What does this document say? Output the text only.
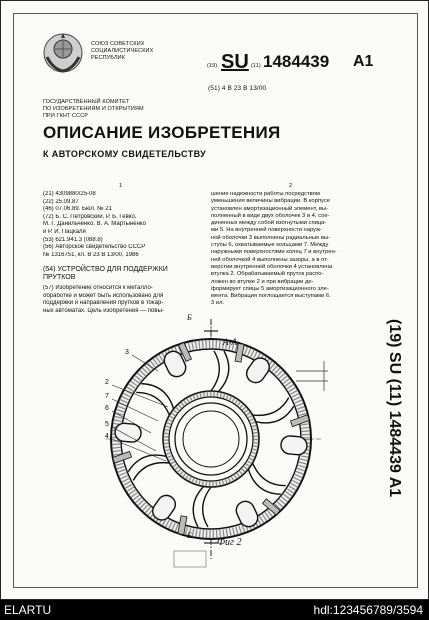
СОЮЗ СОВЕТСКИХ
СОЦИАЛИСТИЧЕСКИХ
РЕСПУБЛИК
(19) SU (11) 1484439 A1
(51) 4 В 23 В 13/00
ГОСУДАРСТВЕННЫЙ КОМИТЕТ
ПО ИЗОБРЕТЕНИЯМ И ОТКРЫТИЯМ
ПРИ ГКНТ СССР
ОПИСАНИЕ ИЗОБРЕТЕНИЯ
К АВТОРСКОМУ СВИДЕТЕЛЬСТВУ
1	2
(21) 4309880/25-08
(22) 25.09.87
(46) 07.06.89. Бюл. № 21
(72) Б. С. Петровский, Р. Б. Гевко,
М. Г. Данильченко, В. А. Мартыненко
и Р. И. Пацкаля
(53) 621.941.3 (088.8)
(56) Авторское свидетельство СССР
№ 1316751, кл. В 23 В 13/00, 1986
(54) УСТРОЙСТВО ДЛЯ ПОДДЕРЖКИ
ПРУТКОВ
(57) Изобретение относится к металло-
обработке и может быть использовано для
поддержки и направления прутков в токар-
ных автоматах. Цель изобретения — повы-
шение надежности работы посредством
уменьшения величины вибрации. В корпусе
установлен амортизационный элемент, вы-
полненный в виде двух оболочек 3 и 4, сое-
диненных между собой изогнутыми спица-
ми 5. На внутренней поверхности наруж-
ной оболочки 3 выполнены радиальные вы-
ступы 6, охватываемые кольцами 7. Между
наружными поверхностями колец 7 и внутрен-
ней оболочкой 4 выполнены зазоры, а в от-
верстии внутренней оболочки 4 установлена
втулка 2. Обрабатываемый пруток распо-
ложен во втулке 2 и при вибрации де-
формирует спицы 5 амортизационного эле-
мента. Вибрация поглощается выступами 6.
3 ил.
А-А
Б
Б
Фиг 2
3
2
7
6
5
4	(19) SU (11) 1484439 A1
ELARTU	hdl:123456789/3594
